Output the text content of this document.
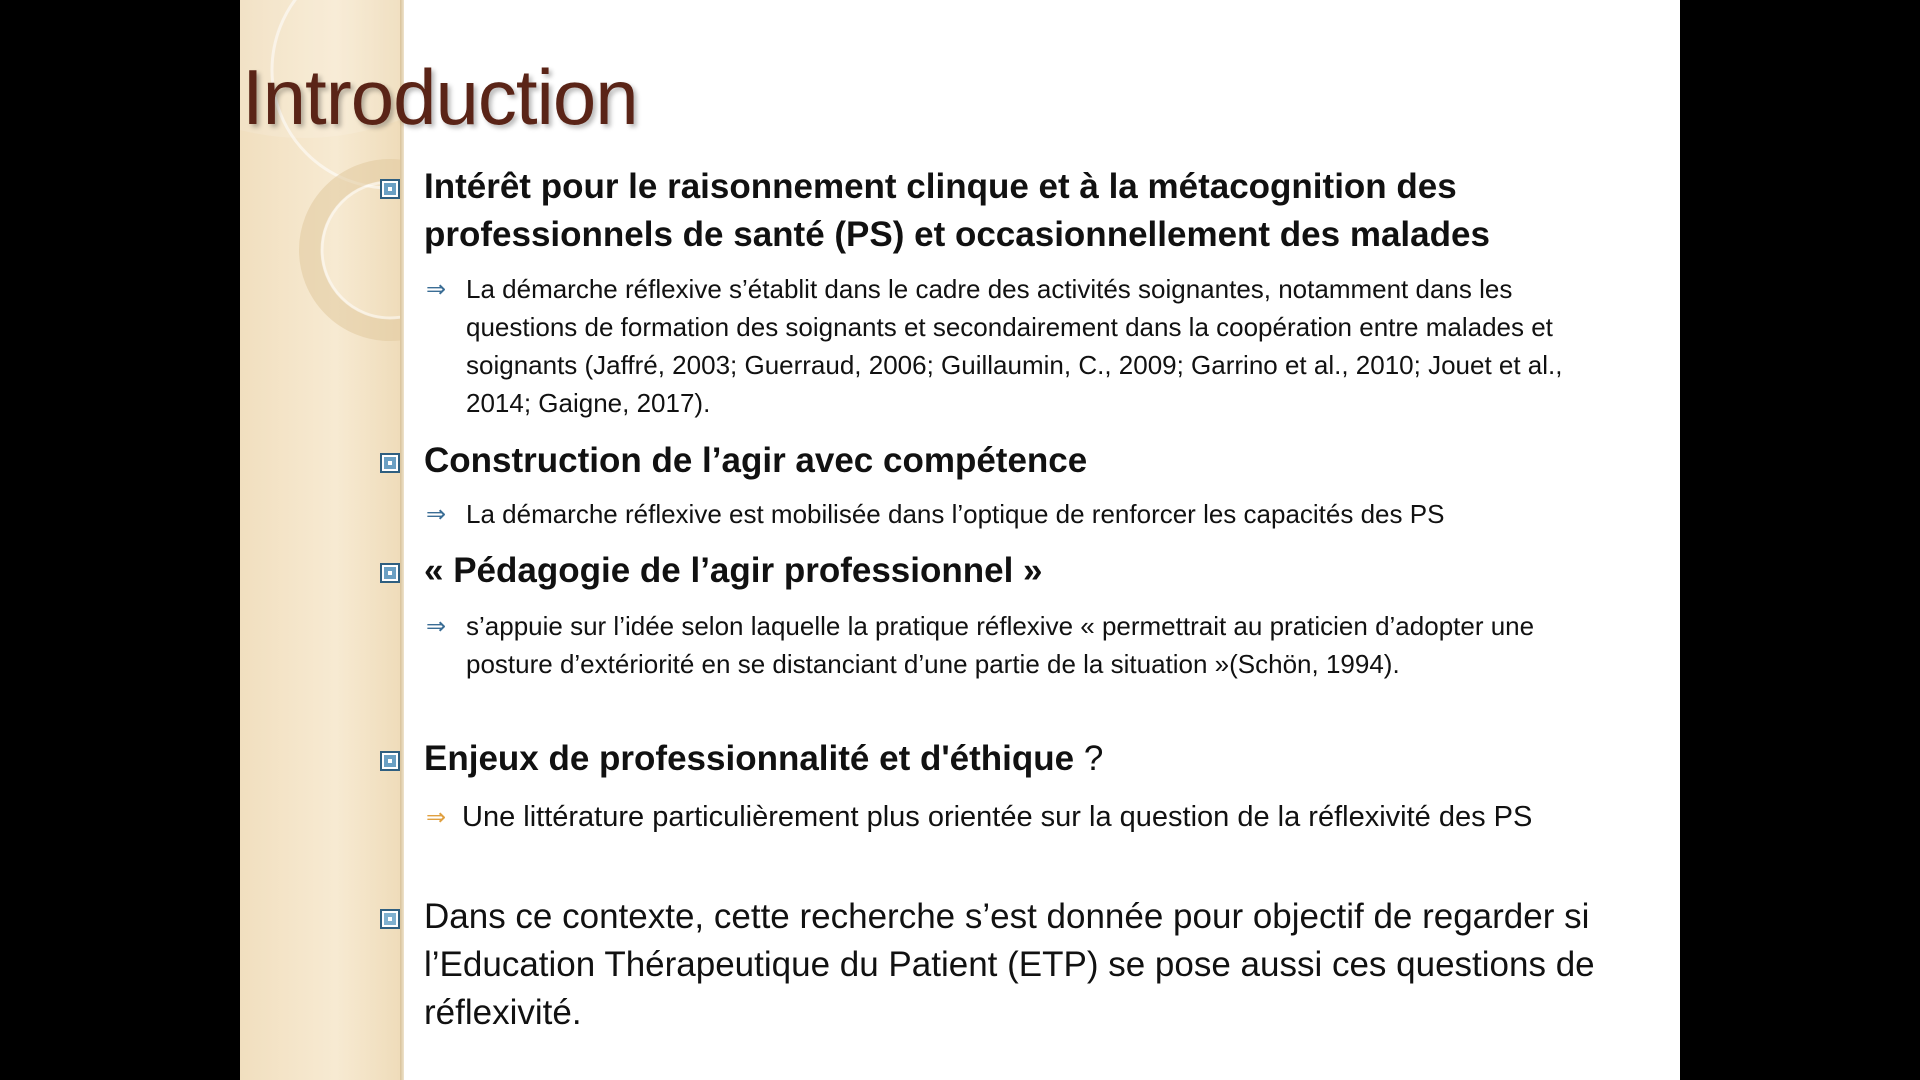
Introduction
Intérêt pour le raisonnement clinque et à la métacognition des professionnels de santé (PS) et occasionnellement des malades
⇒ La démarche réflexive s’établit dans le cadre des activités soignantes, notamment dans les questions de formation des soignants et secondairement dans la coopération entre malades et soignants (Jaffré, 2003; Guerraud, 2006; Guillaumin, C., 2009; Garrino et al., 2010; Jouet et al., 2014; Gaigne, 2017).
Construction de l’agir avec compétence
⇒ La démarche réflexive est mobilisée dans l’optique de renforcer les capacités des PS
« Pédagogie de l’agir professionnel »
⇒ s’appuie sur l’idée selon laquelle la pratique réflexive « permettrait au praticien d’adopter une posture d’extériorité en se distanciant d’une partie de la situation »(Schön, 1994).
Enjeux de professionnalité et d'éthique ?
⇒ Une littérature particulièrement plus orientée sur la question de la réflexivité des PS
Dans ce contexte, cette recherche s’est donnée pour objectif de regarder si l’Education Thérapeutique du Patient (ETP) se pose aussi ces questions de réflexivité.
